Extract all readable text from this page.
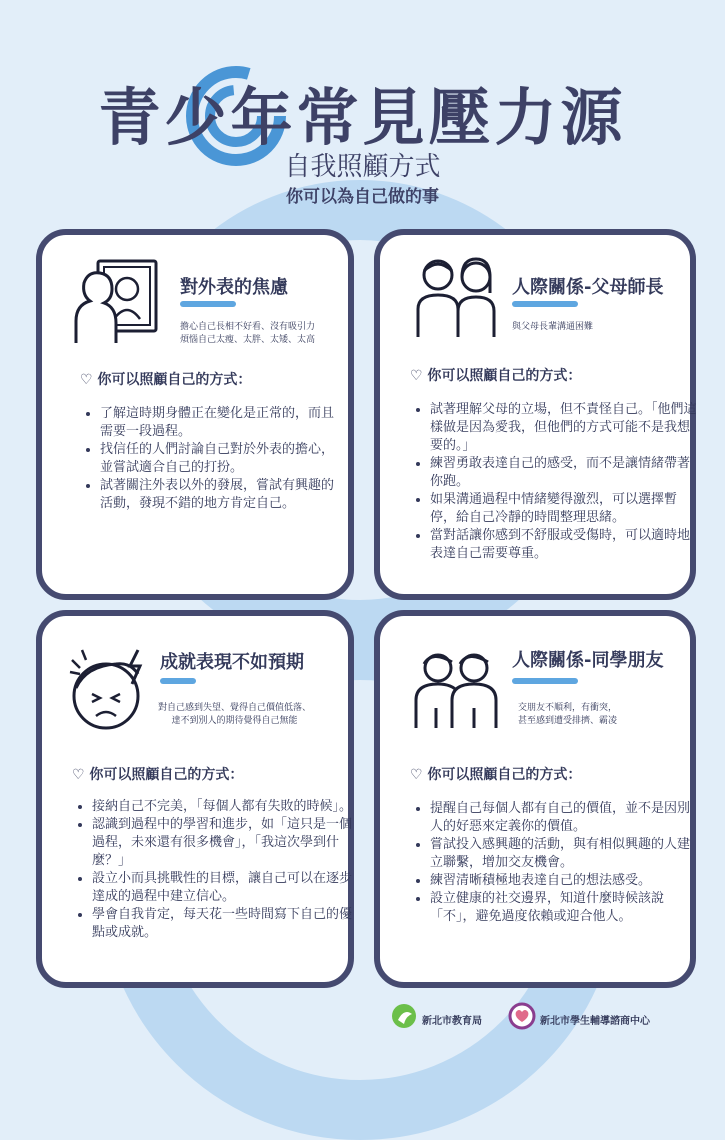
青少年常見壓力源
自我照顧方式
你可以為自己做的事
對外表的焦慮
擔心自己長相不好看、沒有吸引力
煩惱自己太瘦、太胖、太矮、太高
♡ 你可以照顧自己的方式：
• 了解這時期身體正在變化是正常的，而且需要一段過程。
• 找信任的人們討論自己對於外表的擔心，並嘗試適合自己的打扮。
• 試著關注外表以外的發展，嘗試有興趣的活動，發現不錯的地方肯定自己。
人際關係-父母師長
與父母長輩溝通困難
♡ 你可以照顧自己的方式：
• 試著理解父母的立場，但不責怪自己。「他們這樣做是因為愛我，但他們的方式可能不是我想要的。」
• 練習勇敢表達自己的感受，而不是讓情緒帶著你跑。
• 如果溝通過程中情緒變得激烈，可以選擇暫停，給自己冷靜的時間整理思緒。
• 當對話讓你感到不舒服或受傷時，可以適時地表達自己需要尊重。
成就表現不如預期
對自己感到失望、覺得自己價值低落、
達不到別人的期待覺得自己無能
♡ 你可以照顧自己的方式：
• 接納自己不完美，「每個人都有失敗的時候」。
• 認識到過程中的學習和進步，如「這只是一個過程，未來還有很多機會」，「我這次學到什麼？」
• 設立小而具挑戰性的目標，讓自己可以在逐步達成的過程中建立信心。
• 學會自我肯定，每天花一些時間寫下自己的優點或成就。
人際關係-同學朋友
交朋友不順利，有衝突，
甚至感到遭受排擠、霸凌
♡ 你可以照顧自己的方式：
• 提醒自己每個人都有自己的價值，並不是因別人的好惡來定義你的價值。
• 嘗試投入感興趣的活動，與有相似興趣的人建立聯繫，增加交友機會。
• 練習清晰積極地表達自己的想法感受。
• 設立健康的社交邊界，知道什麼時候該說「不」，避免過度依賴或迎合他人。
新北市教育局	新北市學生輔導諮商中心
